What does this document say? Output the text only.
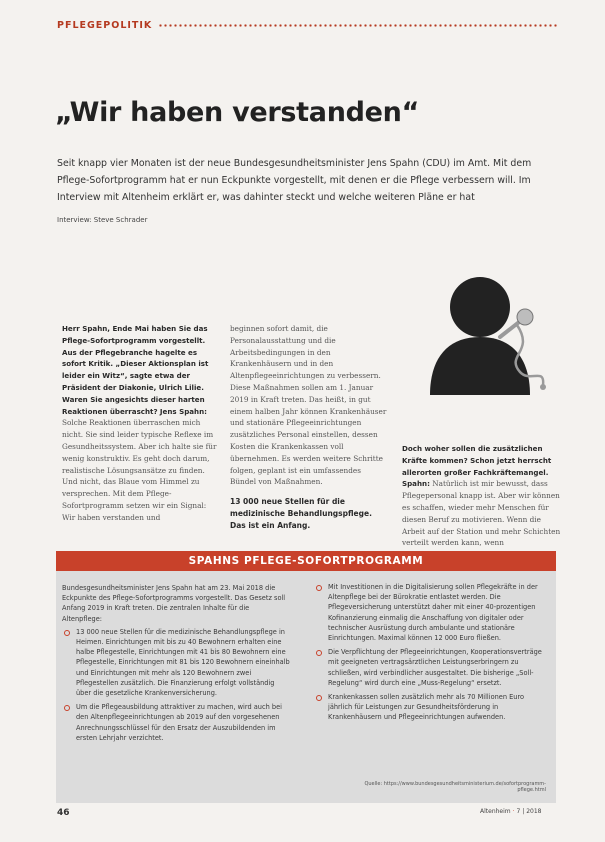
PFLEGEPOLITIK
„Wir haben verstanden“
Seit knapp vier Monaten ist der neue Bundesgesundheitsminister Jens Spahn (CDU) im Amt. Mit dem Pflege-Sofortprogramm hat er nun Eckpunkte vorgestellt, mit denen er die Pflege verbessern will. Im Interview mit Altenheim erklärt er, was dahinter steckt und welche weiteren Pläne er hat
Interview: Steve Schrader
Herr Spahn, Ende Mai haben Sie das Pflege-Sofortprogramm vorgestellt. Aus der Pflegebranche hagelte es sofort Kritik. „Dieser Aktionsplan ist leider ein Witz“, sagte etwa der Präsident der Diakonie, Ulrich Lilie. Waren Sie angesichts dieser harten Reaktionen überrascht? Jens Spahn: Solche Reaktionen überraschen mich nicht. Sie sind leider typische Reflexe im Gesundheitssystem. Aber ich halte sie für wenig konstruktiv. Es geht doch darum, realistische Lösungsansätze zu finden. Und nicht, das Blaue vom Himmel zu versprechen. Mit dem Pflege-Sofortprogramm setzen wir ein Signal: Wir haben verstanden und
beginnen sofort damit, die Personalausstattung und die Arbeitsbedingungen in den Krankenhäusern und in den Altenpflegeeinrichtungen zu verbessern. Diese Maßnahmen sollen am 1. Januar 2019 in Kraft treten. Das heißt, in gut einem halben Jahr können Krankenhäuser und stationäre Pflegeeinrichtungen zusätzliches Personal einstellen, dessen Kosten die Krankenkassen voll übernehmen. Es werden weitere Schritte folgen, geplant ist ein umfassendes Bündel von Maßnahmen.
13 000 neue Stellen für die medizinische Behandlungspflege. Das ist ein Anfang.
Doch woher sollen die zusätzlichen Kräfte kommen? Schon jetzt herrscht allerorten großer Fachkräftemangel. Spahn: Natürlich ist mir bewusst, dass Pflegepersonal knapp ist. Aber wir können es schaffen, wieder mehr Menschen für diesen Beruf zu motivieren. Wenn die Arbeit auf der Station und mehr Schichten verteilt werden kann, wenn
SPAHNS PFLEGE-SOFORTPROGRAMM
Bundesgesundheitsminister Jens Spahn hat am 23. Mai 2018 die Eckpunkte des Pflege-Sofortprogramms vorgestellt. Das Gesetz soll Anfang 2019 in Kraft treten. Die zentralen Inhalte für die Altenpflege:
13 000 neue Stellen für die medizinische Behandlungspflege in Heimen. Einrichtungen mit bis zu 40 Bewohnern erhalten eine halbe Pflegestelle, Einrichtungen mit 41 bis 80 Bewohnern eine Pflegestelle, Einrichtungen mit 81 bis 120 Bewohnern eineinhalb und Einrichtungen mit mehr als 120 Bewohnern zwei Pflegestellen zusätzlich. Die Finanzierung erfolgt vollständig über die gesetzliche Krankenversicherung.
Um die Pflegeausbildung attraktiver zu machen, wird auch bei den Altenpflegeeinrichtungen ab 2019 auf den vorgesehenen Anrechnungsschlüssel für den Ersatz der Auszubildenden im ersten Lehrjahr verzichtet.
Mit Investitionen in die Digitalisierung sollen Pflegekräfte in der Altenpflege bei der Bürokratie entlastet werden. Die Pflegeversicherung unterstützt daher mit einer 40-prozentigen Kofinanzierung einmalig die Anschaffung von digitaler oder technischer Ausrüstung durch ambulante und stationäre Einrichtungen. Maximal können 12 000 Euro fließen.
Die Verpflichtung der Pflegeeinrichtungen, Kooperationsverträge mit geeigneten vertragsärztlichen Leistungserbringern zu schließen, wird verbindlicher ausgestaltet. Die bisherige „Soll-Regelung“ wird durch eine „Muss-Regelung“ ersetzt.
Krankenkassen sollen zusätzlich mehr als 70 Millionen Euro jährlich für Leistungen zur Gesundheitsförderung in Krankenhäusern und Pflegeeinrichtungen aufwenden.
Quelle: https://www.bundesgesundheitsministerium.de/sofortprogramm-pflege.html
46	Altenheim · 7 | 2018
